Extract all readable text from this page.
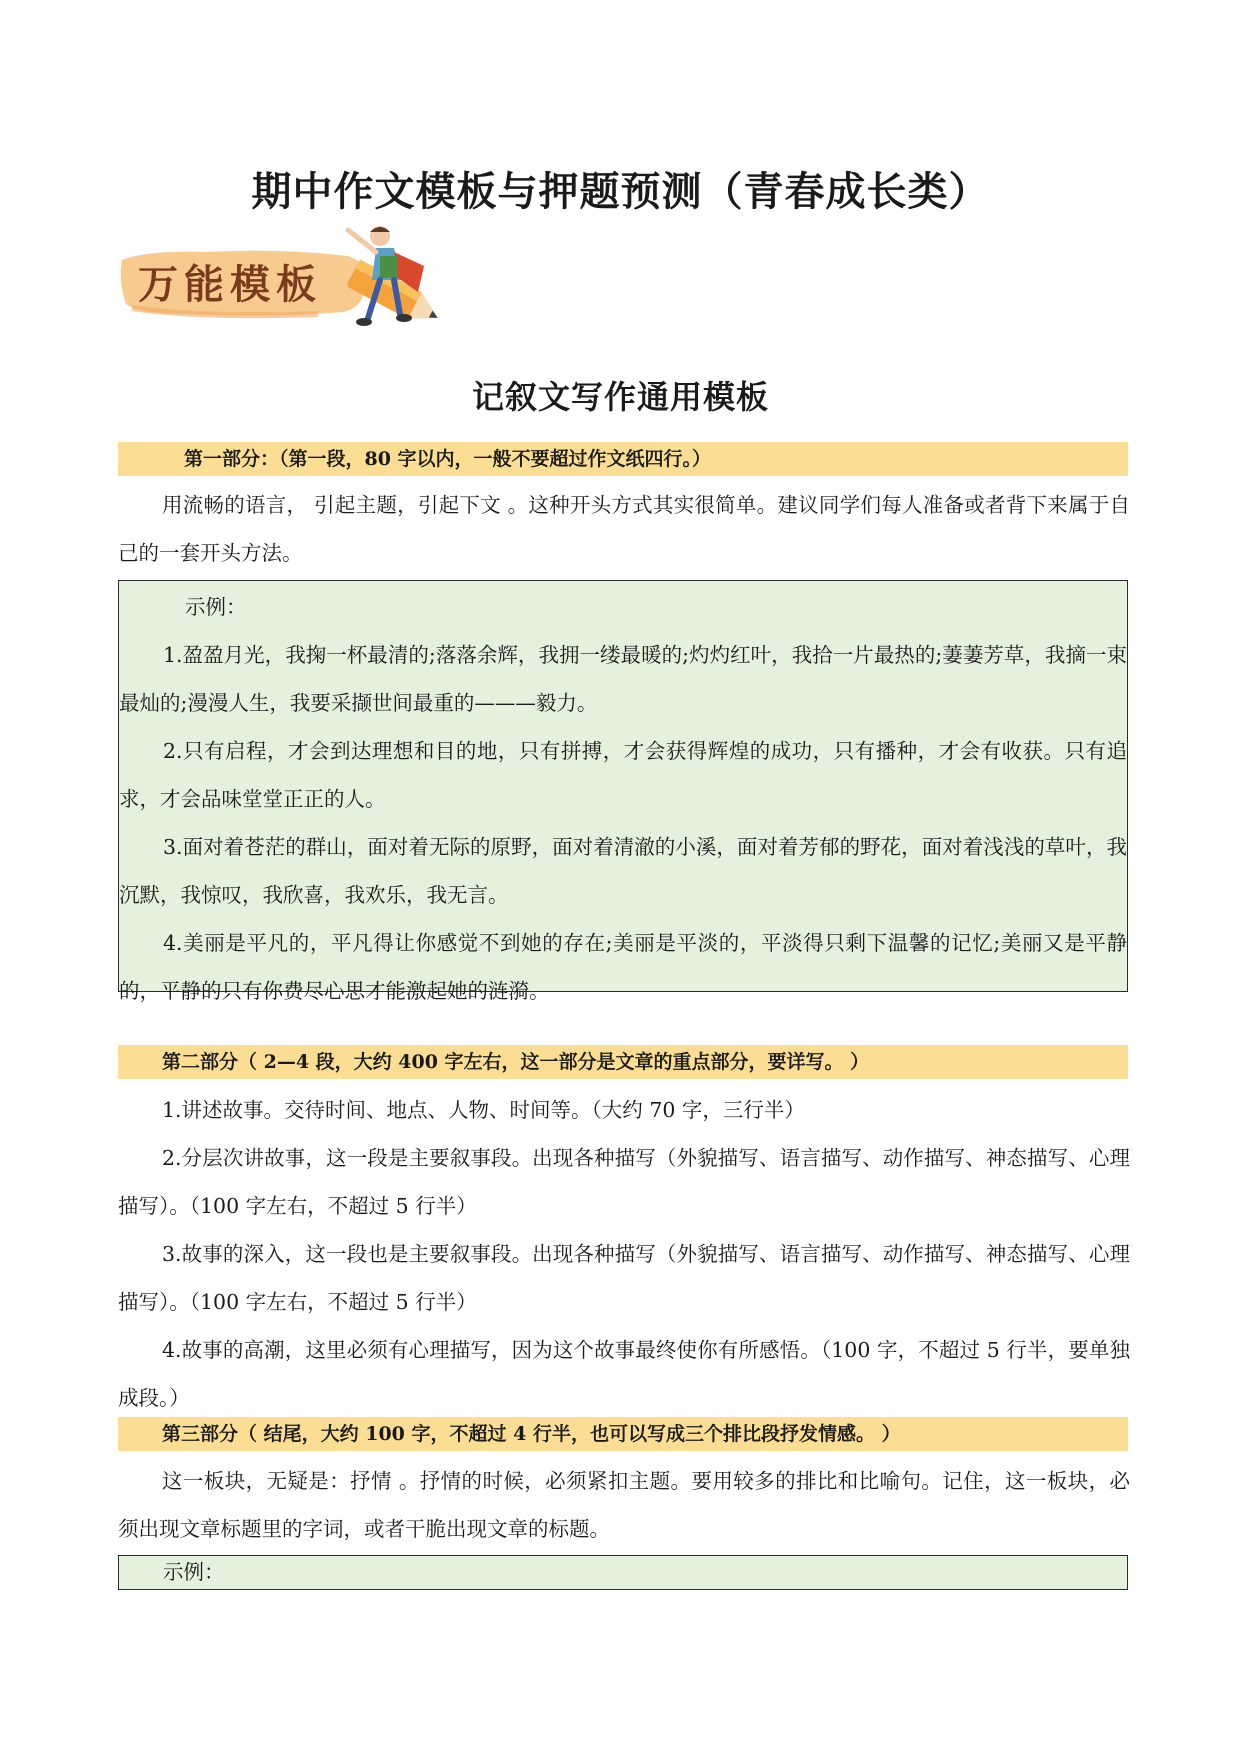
期中作文模板与押题预测（青春成长类）
万能模板
记叙文写作通用模板
第一部分：（第一段，80 字以内，一般不要超过作文纸四行。）

用流畅的语言， 引起主题，引起下文 。这种开头方式其实很简单。建议同学们每人准备或者背下来属于自己的一套开头方法。

示例：

1.盈盈月光，我掬一杯最清的;落落余辉，我拥一缕最暖的;灼灼红叶，我拾一片最热的;萋萋芳草，我摘一束最灿的;漫漫人生，我要采撷世间最重的———毅力。

2.只有启程，才会到达理想和目的地，只有拼搏，才会获得辉煌的成功，只有播种，才会有收获。只有追求，才会品味堂堂正正的人。

3.面对着苍茫的群山，面对着无际的原野，面对着清澈的小溪，面对着芳郁的野花，面对着浅浅的草叶，我沉默，我惊叹，我欣喜，我欢乐，我无言。

4.美丽是平凡的，平凡得让你感觉不到她的存在;美丽是平淡的，平淡得只剩下温馨的记忆;美丽又是平静的，平静的只有你费尽心思才能激起她的涟漪。

第二部分（ 2—4 段，大约 400 字左右，这一部分是文章的重点部分，要详写。 ）

1.讲述故事。交待时间、地点、人物、时间等。（大约 70 字，三行半）

2.分层次讲故事，这一段是主要叙事段。出现各种描写（外貌描写、语言描写、动作描写、神态描写、心理描写）。（100 字左右，不超过 5 行半）

3.故事的深入，这一段也是主要叙事段。出现各种描写（外貌描写、语言描写、动作描写、神态描写、心理描写）。（100 字左右，不超过 5 行半）

4.故事的高潮，这里必须有心理描写，因为这个故事最终使你有所感悟。（100 字，不超过 5 行半，要单独成段。）

第三部分（ 结尾，大约 100 字，不超过 4 行半，也可以写成三个排比段抒发情感。 ）

这一板块，无疑是：抒情 。抒情的时候，必须紧扣主题。要用较多的排比和比喻句。记住，这一板块，必须出现文章标题里的字词，或者干脆出现文章的标题。

示例：
